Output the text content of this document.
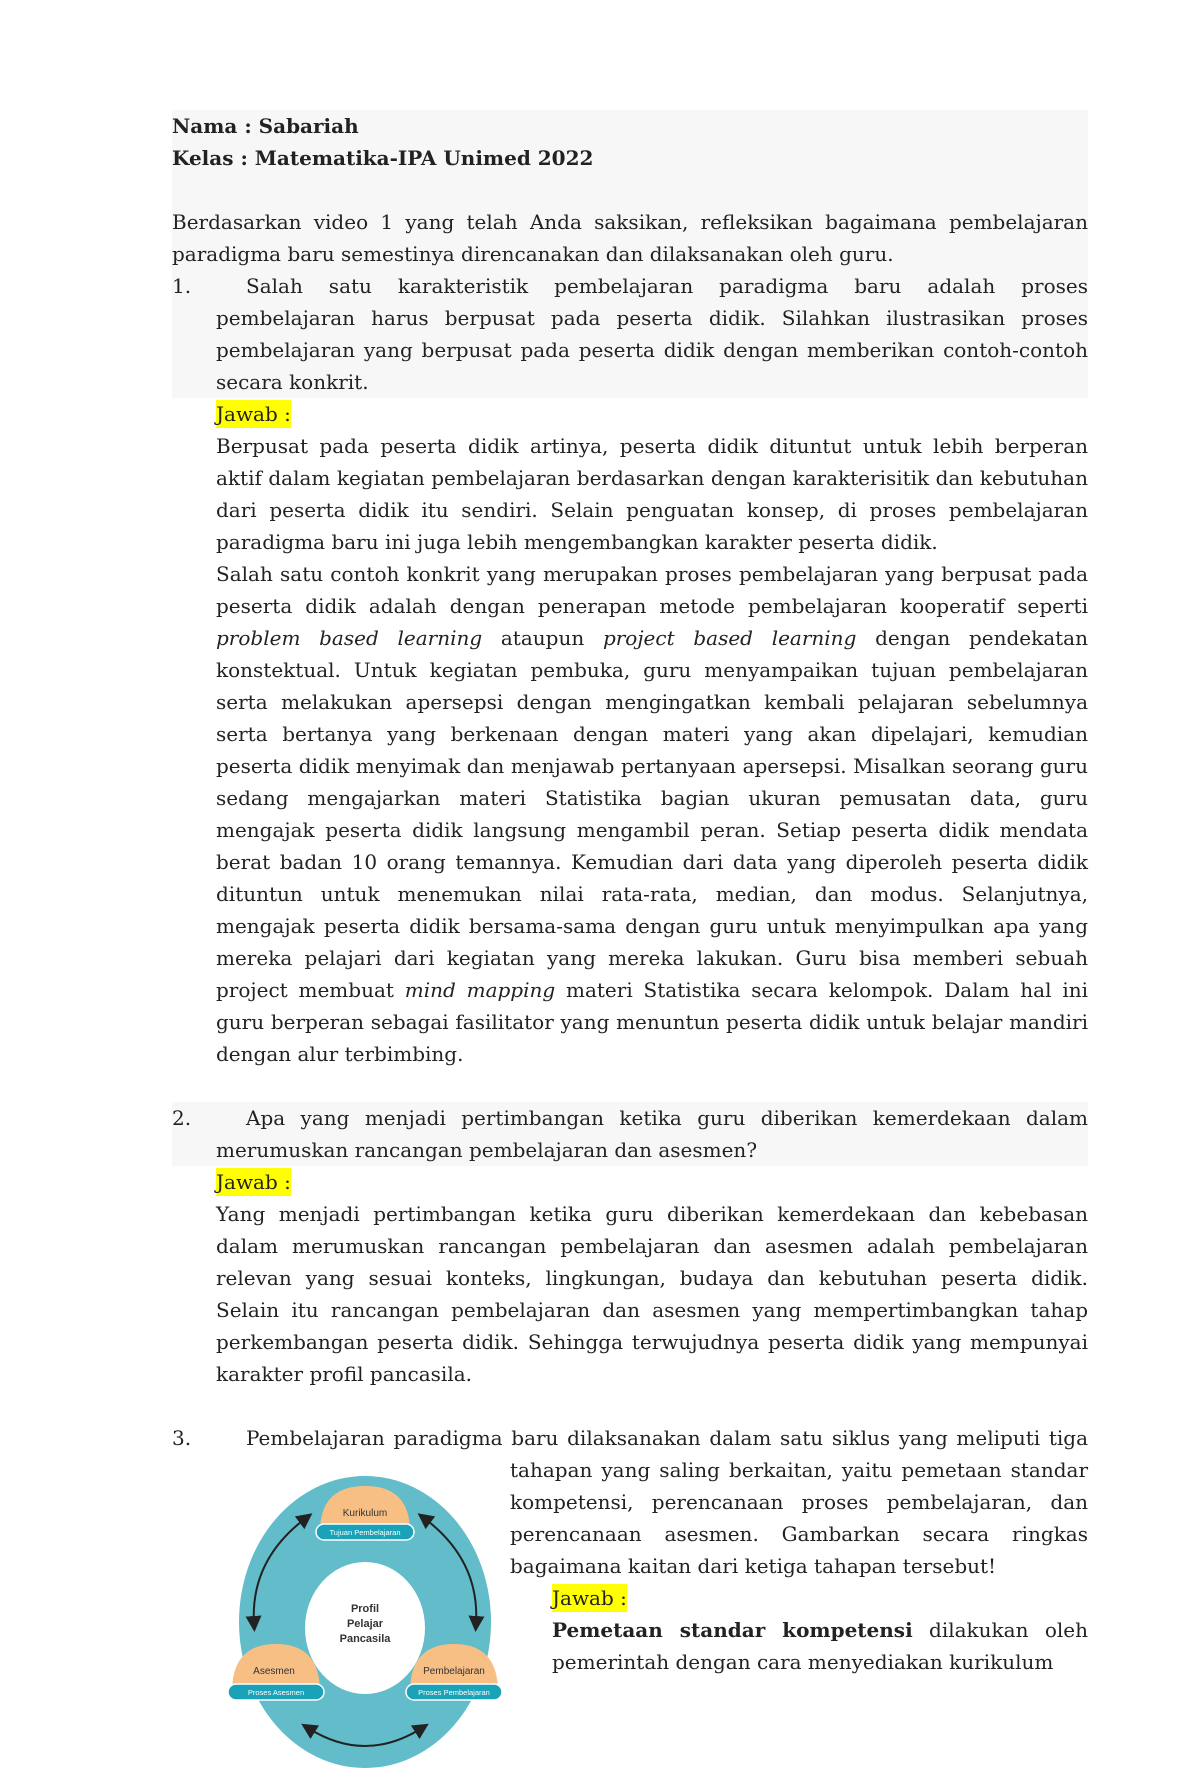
Nama : Sabariah
Kelas : Matematika-IPA Unimed 2022
Berdasarkan video 1 yang telah Anda saksikan, refleksikan bagaimana pembelajaran paradigma baru semestinya direncanakan dan dilaksanakan oleh guru.
1.	Salah satu karakteristik pembelajaran paradigma baru adalah proses pembelajaran harus berpusat pada peserta didik. Silahkan ilustrasikan proses pembelajaran yang berpusat pada peserta didik dengan memberikan contoh-contoh secara konkrit.
Jawab :

Berpusat pada peserta didik artinya, peserta didik dituntut untuk lebih berperan aktif dalam kegiatan pembelajaran berdasarkan dengan karakterisitik dan kebutuhan dari peserta didik itu sendiri. Selain penguatan konsep, di proses pembelajaran paradigma baru ini juga lebih mengembangkan karakter peserta didik.

Salah satu contoh konkrit yang merupakan proses pembelajaran yang berpusat pada peserta didik adalah dengan penerapan metode pembelajaran kooperatif seperti problem based learning ataupun project based learning dengan pendekatan konstektual. Untuk kegiatan pembuka, guru menyampaikan tujuan pembelajaran serta melakukan apersepsi dengan mengingatkan kembali pelajaran sebelumnya serta bertanya yang berkenaan dengan materi yang akan dipelajari, kemudian peserta didik menyimak dan menjawab pertanyaan apersepsi. Misalkan seorang guru sedang mengajarkan materi Statistika bagian ukuran pemusatan data, guru mengajak peserta didik langsung mengambil peran. Setiap peserta didik mendata berat badan 10 orang temannya. Kemudian dari data yang diperoleh peserta didik dituntun untuk menemukan nilai rata-rata, median, dan modus. Selanjutnya, mengajak peserta didik bersama-sama dengan guru untuk menyimpulkan apa yang mereka pelajari dari kegiatan yang mereka lakukan. Guru bisa memberi sebuah project membuat mind mapping materi Statistika secara kelompok. Dalam hal ini guru berperan sebagai fasilitator yang menuntun peserta didik untuk belajar mandiri dengan alur terbimbing.

2.	Apa yang menjadi pertimbangan ketika guru diberikan kemerdekaan dalam merumuskan rancangan pembelajaran dan asesmen?
Jawab :

Yang menjadi pertimbangan ketika guru diberikan kemerdekaan dan kebebasan dalam merumuskan rancangan pembelajaran dan asesmen adalah pembelajaran relevan yang sesuai konteks, lingkungan, budaya dan kebutuhan peserta didik. Selain itu rancangan pembelajaran dan asesmen yang mempertimbangkan tahap perkembangan peserta didik. Sehingga terwujudnya peserta didik yang mempunyai karakter profil pancasila.

3.	Pembelajaran paradigma baru dilaksanakan dalam satu siklus yang meliputi tiga
Profil
Pelajar
Pancasila
Kurikulum
Tujuan Pembelajaran
Asesmen
Proses Asesmen
Pembelajaran
Proses Pembelajaran

tahapan yang saling berkaitan, yaitu pemetaan standar kompetensi, perencanaan proses pembelajaran, dan perencanaan asesmen. Gambarkan secara ringkas bagaimana kaitan dari ketiga tahapan tersebut!

Jawab :

Pemetaan standar kompetensi dilakukan oleh pemerintah dengan cara menyediakan kurikulum
